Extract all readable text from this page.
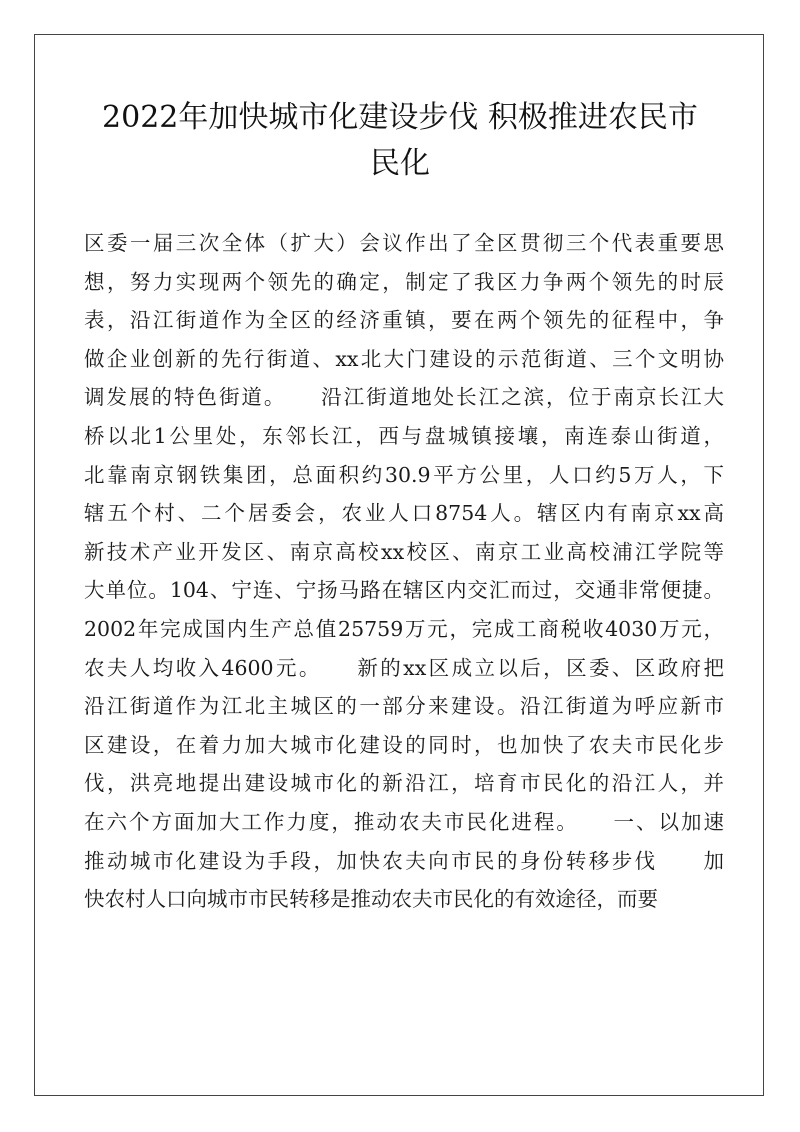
2022年加快城市化建设步伐 积极推进农民市
民化
区委一届三次全体（扩大）会议作出了全区贯彻三个代表重要思
想，努力实现两个领先的确定，制定了我区力争两个领先的时辰
表，沿江街道作为全区的经济重镇，要在两个领先的征程中，争
做企业创新的先行街道、xx北大门建设的示范街道、三个文明协
调发展的特色街道。　　沿江街道地处长江之滨，位于南京长江大
桥以北1公里处，东邻长江，西与盘城镇接壤，南连泰山街道，
北靠南京钢铁集团，总面积约30.9平方公里，人口约5万人，下
辖五个村、二个居委会，农业人口8754人。辖区内有南京xx高
新技术产业开发区、南京高校xx校区、南京工业高校浦江学院等
大单位。104、宁连、宁扬马路在辖区内交汇而过，交通非常便捷。
2002年完成国内生产总值25759万元，完成工商税收4030万元，
农夫人均收入4600元。　　新的xx区成立以后，区委、区政府把
沿江街道作为江北主城区的一部分来建设。沿江街道为呼应新市
区建设，在着力加大城市化建设的同时，也加快了农夫市民化步
伐，洪亮地提出建设城市化的新沿江，培育市民化的沿江人，并
在六个方面加大工作力度，推动农夫市民化进程。　　一、以加速
推动城市化建设为手段，加快农夫向市民的身份转移步伐　　加
快农村人口向城市市民转移是推动农夫市民化的有效途径，而要
